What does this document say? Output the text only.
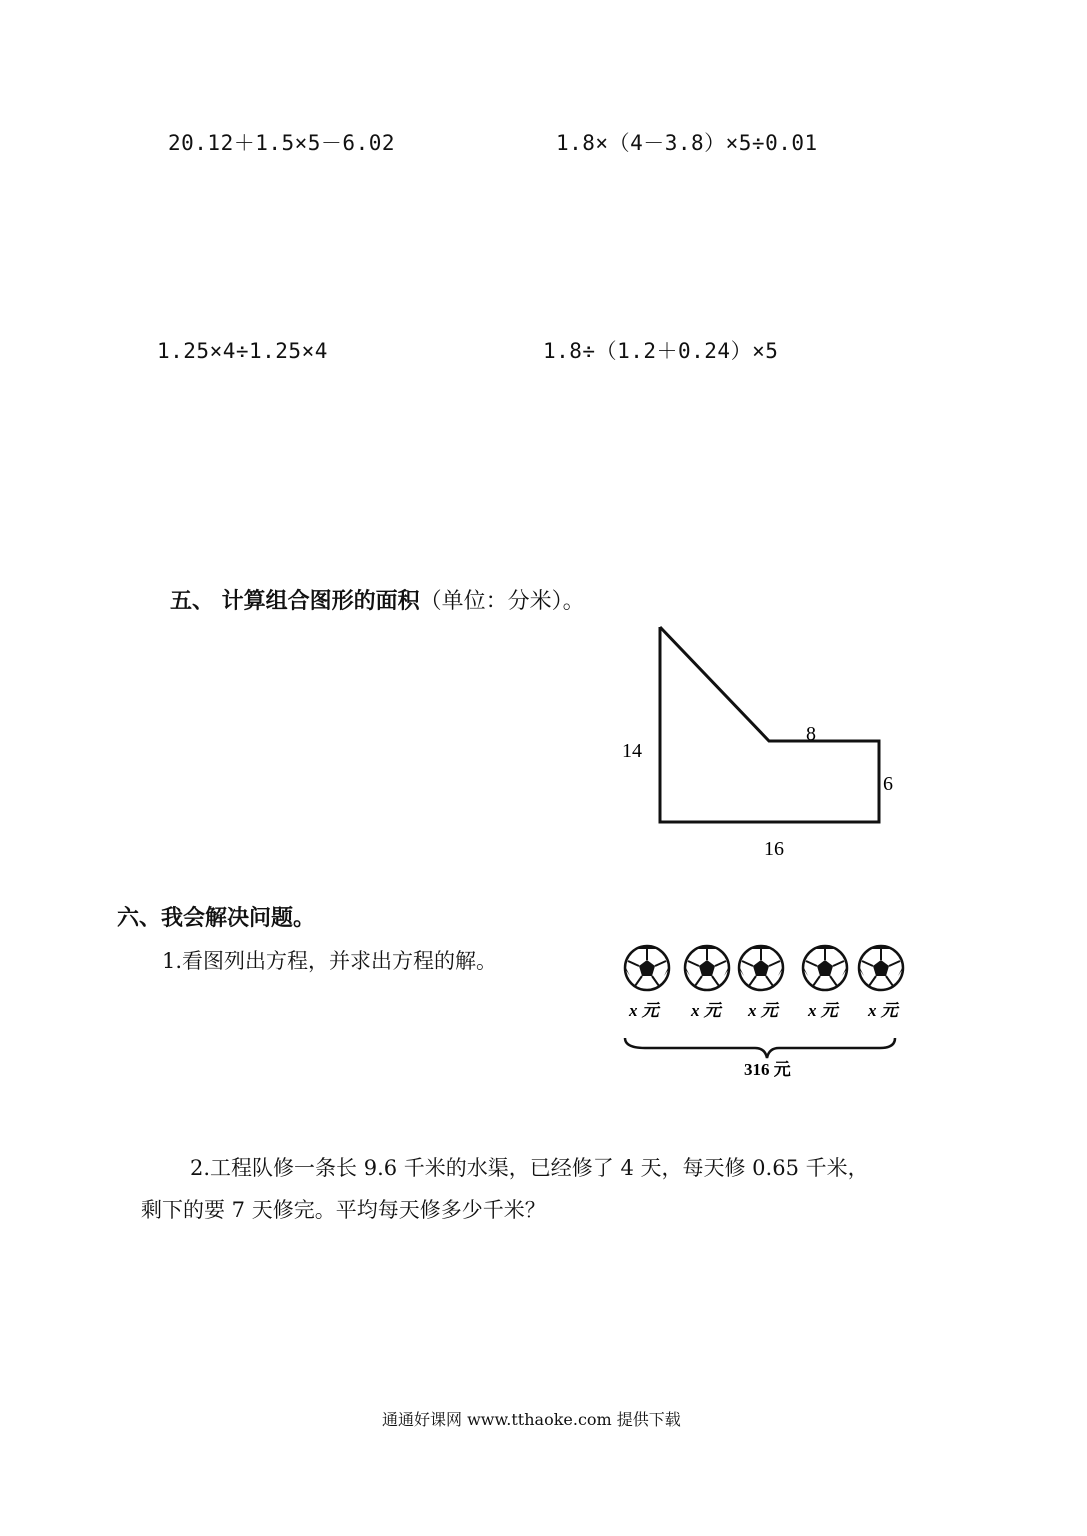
20.12＋1.5×5－6.02	1.8×（4－3.8）×5÷0.01
1.25×4÷1.25×4	1.8÷（1.2＋0.24）×5
五、 计算组合图形的面积（单位：分米）。
14
8
6
16
六、我会解决问题。
1.看图列出方程，并求出方程的解。
x 元 x 元 x 元 x 元 x 元
316 元
2.工程队修一条长 9.6 千米的水渠，已经修了 4 天，每天修 0.65 千米，
剩下的要 7 天修完。平均每天修多少千米？
通通好课网 www.tthaoke.com 提供下载
